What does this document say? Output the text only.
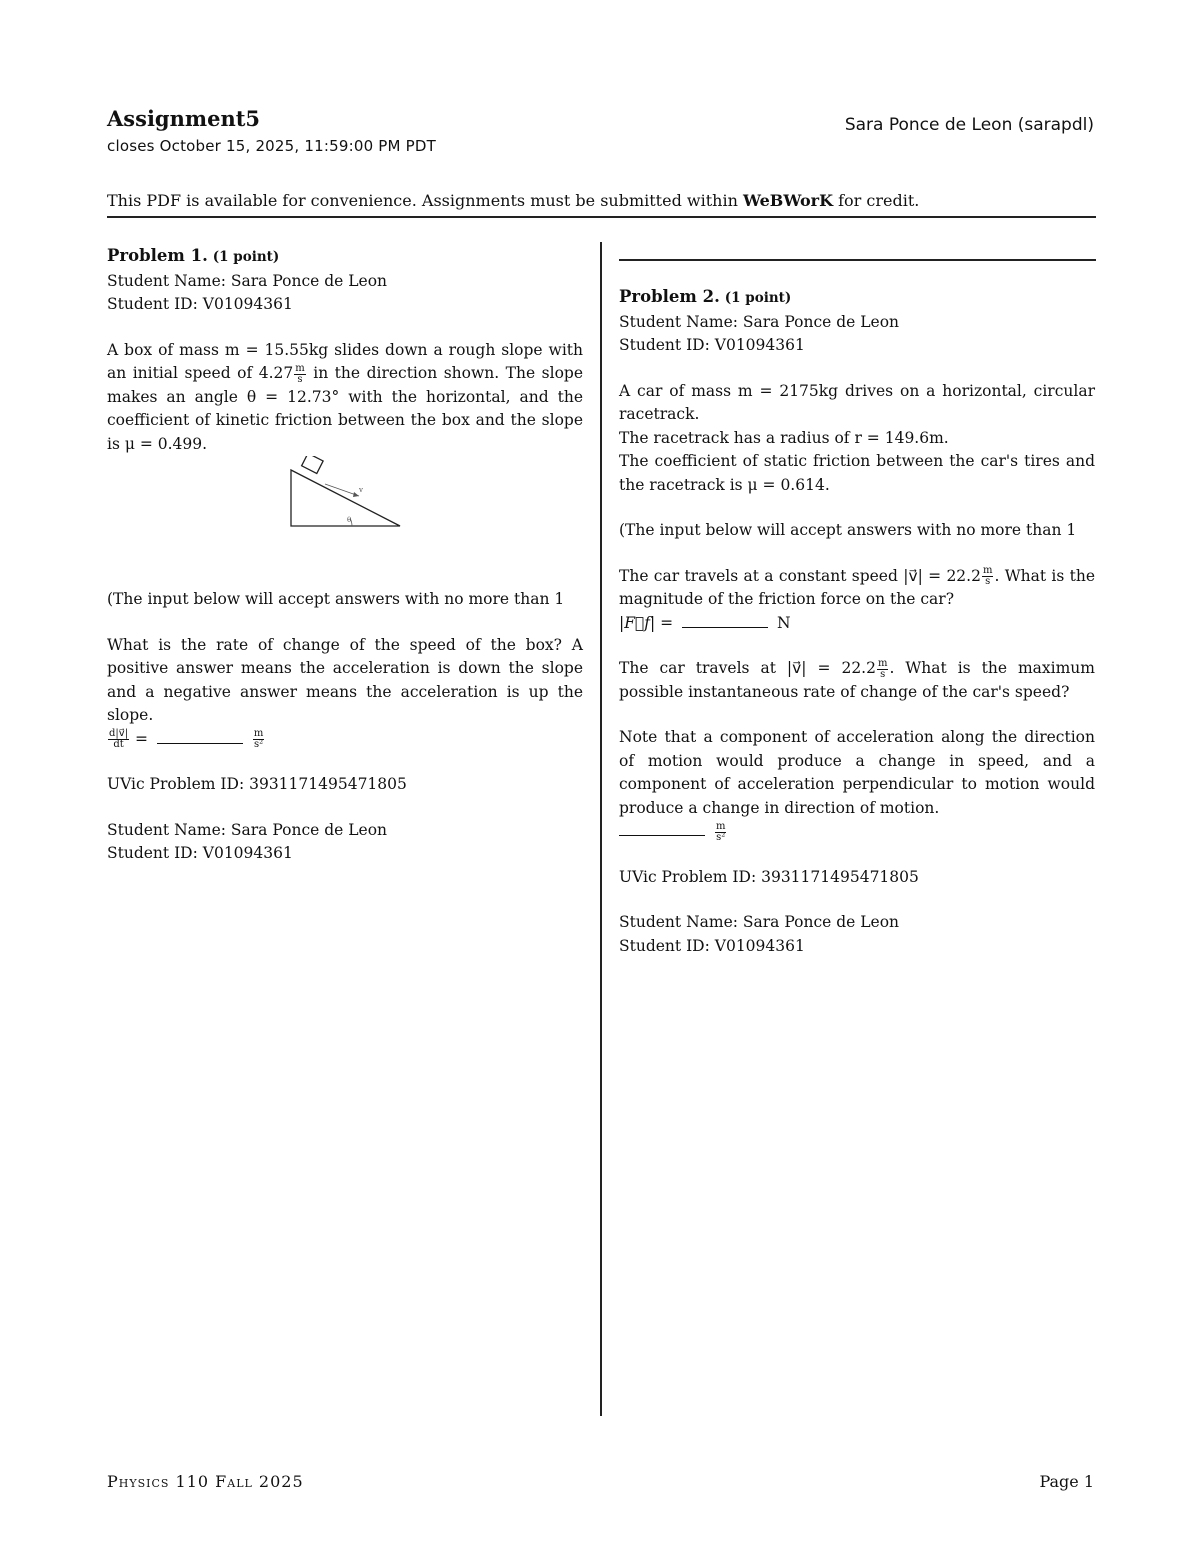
Assignment5
closes October 15, 2025, 11:59:00 PM PDT
Sara Ponce de Leon (sarapdl)
This PDF is available for convenience. Assignments must be submitted within WeBWorK for credit.

Problem 1. (1 point)

Student Name: Sara Ponce de Leon

Student ID: V01094361

A box of mass m = 15.55kg slides down a rough slope with an initial speed of $4.27 \frac{m}{s}$ in the direction shown. The slope makes an angle θ = 12.73° with the horizontal, and the coefficient of kinetic friction between the box and the slope is μ = 0.499.

v
θ

(The input below will accept answers with no more than 1

What is the rate of change of the speed of the box? A positive answer means the acceleration is down the slope and a negative answer means the acceleration is up the slope.

$\frac{d|v⃗|}{dt}$ =	$\frac{m}{\text{s²}}$

UVic Problem ID: 3931171495471805

Student Name: Sara Ponce de Leon

Student ID: V01094361

Problem 2. (1 point)

Student Name: Sara Ponce de Leon

Student ID: V01094361

A car of mass m = 2175kg drives on a horizontal, circular racetrack.

The racetrack has a radius of r = 149.6m.

The coefficient of static friction between the car's tires and the racetrack is μ = 0.614.

(The input below will accept answers with no more than 1

The car travels at a constant speed |v⃗| = $22.2 \frac{m}{s}$ . What is the magnitude of the friction force on the car?

|F⃗f| =	N

The car travels at |v⃗| = $22.2 \frac{m}{s}$ . What is the maximum possible instantaneous rate of change of the car's speed?

Note that a component of acceleration along the direction of motion would produce a change in speed, and a component of acceleration perpendicular to motion would produce a change in direction of motion.

$\frac{m}{\text{s²}}$

UVic Problem ID: 3931171495471805

Student Name: Sara Ponce de Leon

Student ID: V01094361

Physics 110 Fall 2025	Page 1
